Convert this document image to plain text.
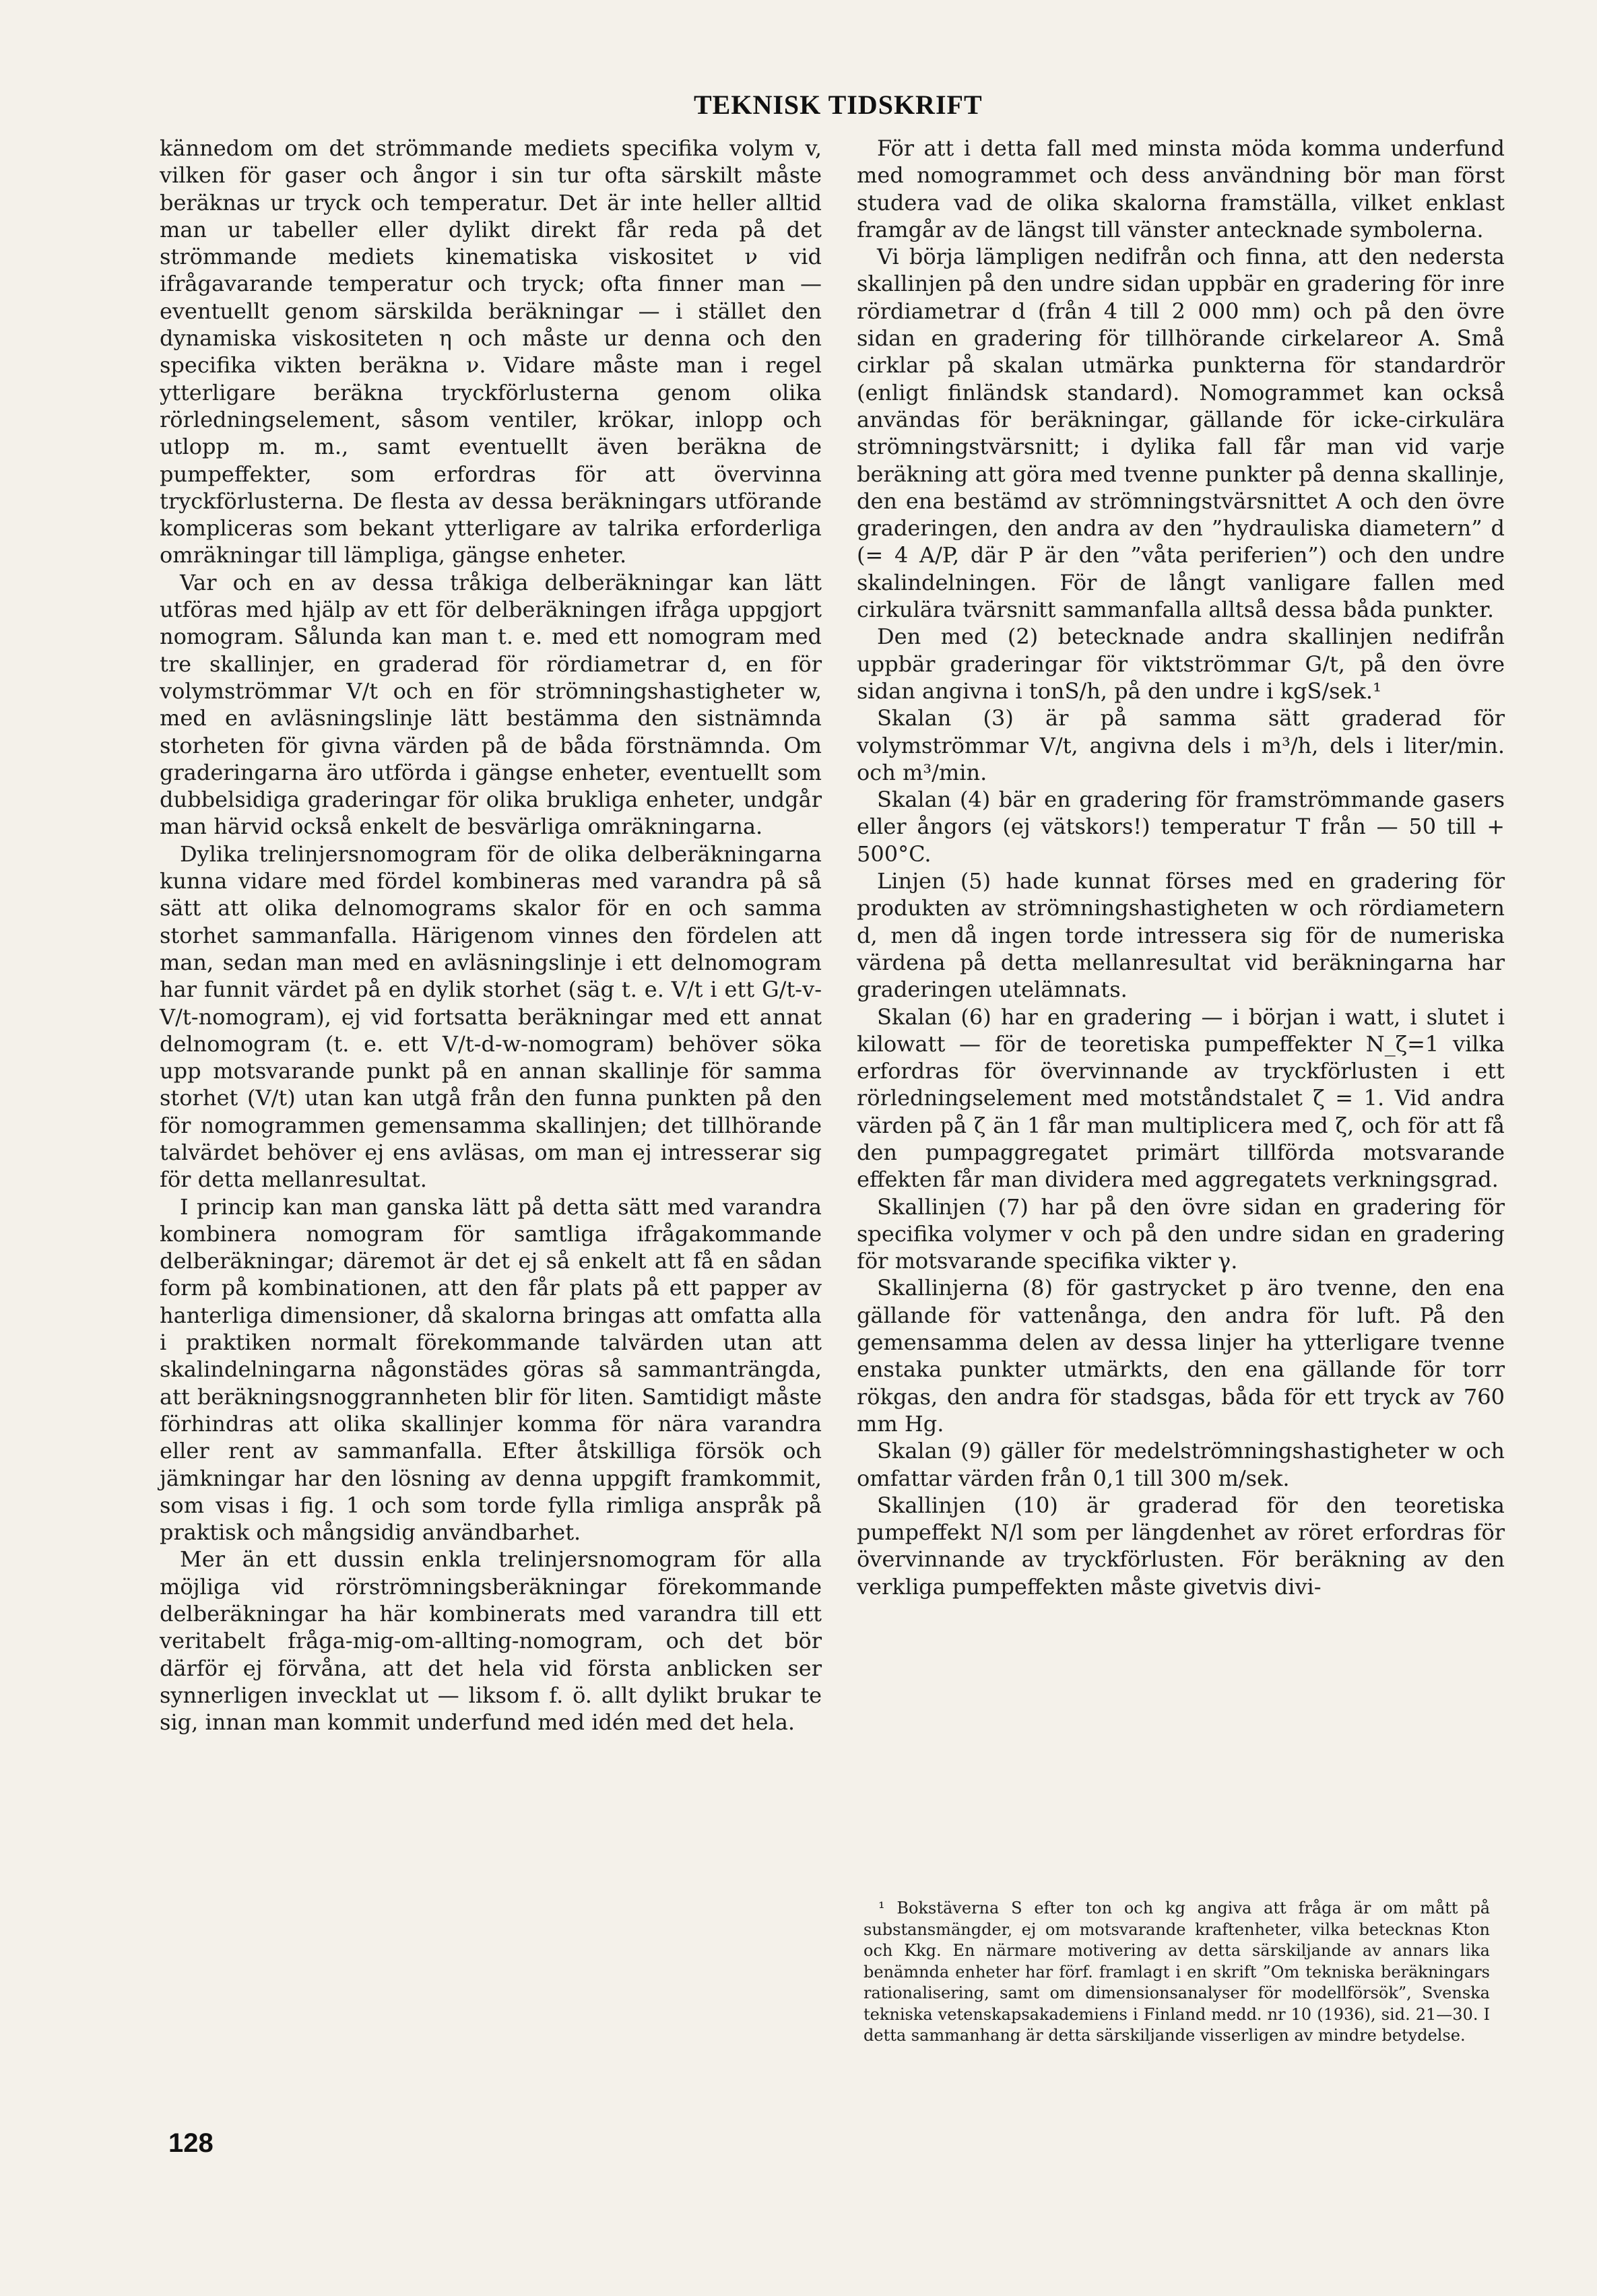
TEKNISK TIDSKRIFT

kännedom om det strömmande mediets specifika volym v, vilken för gaser och ångor i sin tur ofta särskilt måste beräknas ur tryck och temperatur. Det är inte heller alltid man ur tabeller eller dylikt direkt får reda på det strömmande mediets kinematiska viskositet ν vid ifrågavarande temperatur och tryck; ofta finner man — eventuellt genom särskilda beräkningar — i stället den dynamiska viskositeten η och måste ur denna och den specifika vikten beräkna ν. Vidare måste man i regel ytterligare beräkna tryckförlusterna genom olika rörledningselement, såsom ventiler, krökar, inlopp och utlopp m. m., samt eventuellt även beräkna de pumpeffekter, som erfordras för att övervinna tryckförlusterna. De flesta av dessa beräkningars utförande kompliceras som bekant ytterligare av talrika erforderliga omräkningar till lämpliga, gängse enheter.

Var och en av dessa tråkiga delberäkningar kan lätt utföras med hjälp av ett för delberäkningen ifråga uppgjort nomogram. Sålunda kan man t. e. med ett nomogram med tre skallinjer, en graderad för rördiametrar d, en för volymströmmar V/t och en för strömningshastigheter w, med en avläsningslinje lätt bestämma den sistnämnda storheten för givna värden på de båda förstnämnda. Om graderingarna äro utförda i gängse enheter, eventuellt som dubbelsidiga graderingar för olika brukliga enheter, undgår man härvid också enkelt de besvärliga omräkningarna.

Dylika trelinjersnomogram för de olika delberäkningarna kunna vidare med fördel kombineras med varandra på så sätt att olika delnomograms skalor för en och samma storhet sammanfalla. Härigenom vinnes den fördelen att man, sedan man med en avläsningslinje i ett delnomogram har funnit värdet på en dylik storhet (säg t. e. V/t i ett G/t-v-V/t-nomogram), ej vid fortsatta beräkningar med ett annat delnomogram (t. e. ett V/t-d-w-nomogram) behöver söka upp motsvarande punkt på en annan skallinje för samma storhet (V/t) utan kan utgå från den funna punkten på den för nomogrammen gemensamma skallinjen; det tillhörande talvärdet behöver ej ens avläsas, om man ej intresserar sig för detta mellanresultat.

I princip kan man ganska lätt på detta sätt med varandra kombinera nomogram för samtliga ifrågakommande delberäkningar; däremot är det ej så enkelt att få en sådan form på kombinationen, att den får plats på ett papper av hanterliga dimensioner, då skalorna bringas att omfatta alla i praktiken normalt förekommande talvärden utan att skalindelningarna någonstädes göras så sammanträngda, att beräkningsnoggrannheten blir för liten. Samtidigt måste förhindras att olika skallinjer komma för nära varandra eller rent av sammanfalla. Efter åtskilliga försök och jämkningar har den lösning av denna uppgift framkommit, som visas i fig. 1 och som torde fylla rimliga anspråk på praktisk och mångsidig användbarhet.

Mer än ett dussin enkla trelinjersnomogram för alla möjliga vid rörströmningsberäkningar förekommande delberäkningar ha här kombinerats med varandra till ett veritabelt fråga-mig-om-allting-nomogram, och det bör därför ej förvåna, att det hela vid första anblicken ser synnerligen invecklat ut — liksom f. ö. allt dylikt brukar te sig, innan man kommit underfund med idén med det hela.

För att i detta fall med minsta möda komma underfund med nomogrammet och dess användning bör man först studera vad de olika skalorna framställa, vilket enklast framgår av de längst till vänster antecknade symbolerna.

Vi börja lämpligen nedifrån och finna, att den nedersta skallinjen på den undre sidan uppbär en gradering för inre rördiametrar d (från 4 till 2 000 mm) och på den övre sidan en gradering för tillhörande cirkelareor A. Små cirklar på skalan utmärka punkterna för standardrör (enligt finländsk standard). Nomogrammet kan också användas för beräkningar, gällande för icke-cirkulära strömningstvärsnitt; i dylika fall får man vid varje beräkning att göra med tvenne punkter på denna skallinje, den ena bestämd av strömningstvärsnittet A och den övre graderingen, den andra av den ”hydrauliska diametern” d (= 4 A/P, där P är den ”våta periferien”) och den undre skalindelningen. För de långt vanligare fallen med cirkulära tvärsnitt sammanfalla alltså dessa båda punkter.

Den med (2) betecknade andra skallinjen nedifrån uppbär graderingar för viktströmmar G/t, på den övre sidan angivna i tonS/h, på den undre i kgS/sek.¹

Skalan (3) är på samma sätt graderad för volymströmmar V/t, angivna dels i m³/h, dels i liter/min. och m³/min.

Skalan (4) bär en gradering för framströmmande gasers eller ångors (ej vätskors!) temperatur T från — 50 till + 500°C.

Linjen (5) hade kunnat förses med en gradering för produkten av strömningshastigheten w och rördiametern d, men då ingen torde intressera sig för de numeriska värdena på detta mellanresultat vid beräkningarna har graderingen utelämnats.

Skalan (6) har en gradering — i början i watt, i slutet i kilowatt — för de teoretiska pumpeffekter N_ζ=1 vilka erfordras för övervinnande av tryckförlusten i ett rörledningselement med motståndstalet ζ = 1. Vid andra värden på ζ än 1 får man multiplicera med ζ, och för att få den pumpaggregatet primärt tillförda motsvarande effekten får man dividera med aggregatets verkningsgrad.

Skallinjen (7) har på den övre sidan en gradering för specifika volymer v och på den undre sidan en gradering för motsvarande specifika vikter γ.

Skallinjerna (8) för gastrycket p äro tvenne, den ena gällande för vattenånga, den andra för luft. På den gemensamma delen av dessa linjer ha ytterligare tvenne enstaka punkter utmärkts, den ena gällande för torr rökgas, den andra för stadsgas, båda för ett tryck av 760 mm Hg.

Skalan (9) gäller för medelströmningshastigheter w och omfattar värden från 0,1 till 300 m/sek.

Skallinjen (10) är graderad för den teoretiska pumpeffekt N/l som per längdenhet av röret erfordras för övervinnande av tryckförlusten. För beräkning av den verkliga pumpeffekten måste givetvis divi-

¹ Bokstäverna S efter ton och kg angiva att fråga är om mått på substansmängder, ej om motsvarande kraftenheter, vilka betecknas Kton och Kkg. En närmare motivering av detta särskiljande av annars lika benämnda enheter har förf. framlagt i en skrift ”Om tekniska beräkningars rationalisering, samt om dimensionsanalyser för modellförsök”, Svenska tekniska vetenskapsakademiens i Finland medd. nr 10 (1936), sid. 21—30. I detta sammanhang är detta särskiljande visserligen av mindre betydelse.

128
